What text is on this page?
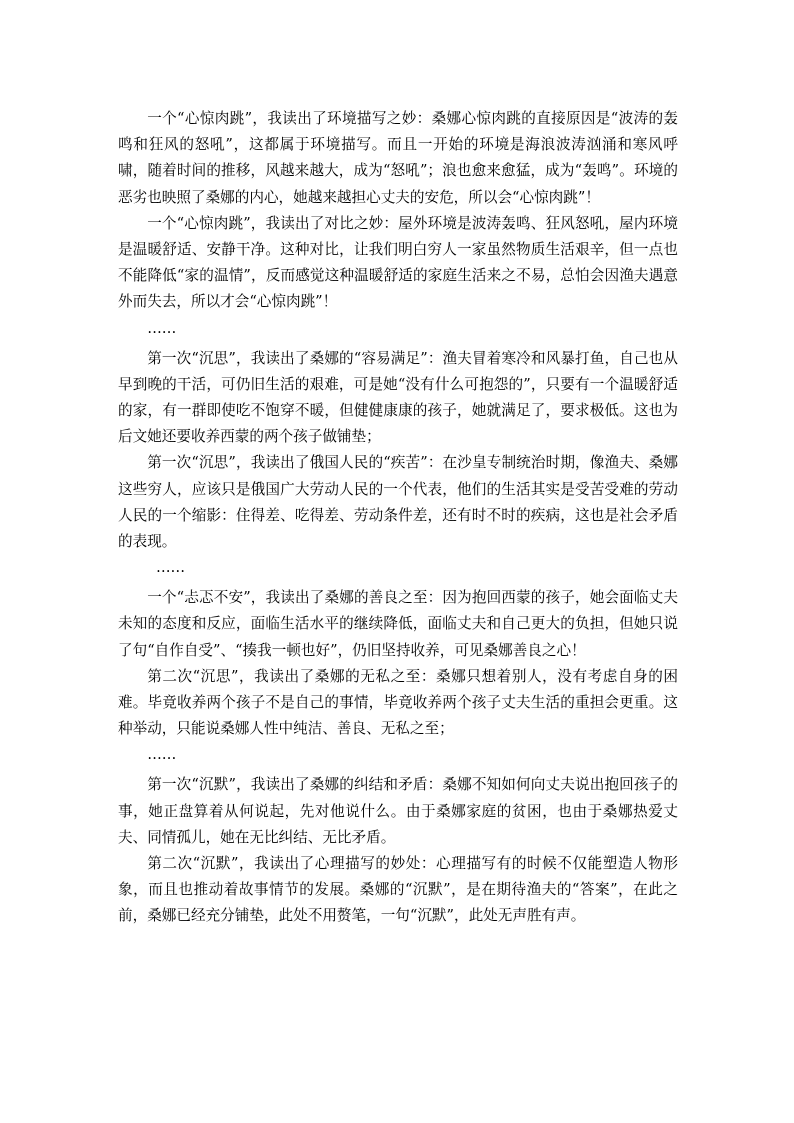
一个“心惊肉跳”，我读出了环境描写之妙：桑娜心惊肉跳的直接原因是“波涛的轰鸣和狂风的怒吼”，这都属于环境描写。而且一开始的环境是海浪波涛汹涌和寒风呼啸，随着时间的推移，风越来越大，成为“怒吼”；浪也愈来愈猛，成为“轰鸣”。环境的恶劣也映照了桑娜的内心，她越来越担心丈夫的安危，所以会“心惊肉跳”！

一个“心惊肉跳”，我读出了对比之妙：屋外环境是波涛轰鸣、狂风怒吼，屋内环境是温暖舒适、安静干净。这种对比，让我们明白穷人一家虽然物质生活艰辛，但一点也不能降低“家的温情”，反而感觉这种温暖舒适的家庭生活来之不易，总怕会因渔夫遇意外而失去，所以才会“心惊肉跳”！

……

第一次“沉思”，我读出了桑娜的“容易满足”：渔夫冒着寒冷和风暴打鱼，自己也从早到晚的干活，可仍旧生活的艰难，可是她“没有什么可抱怨的”，只要有一个温暖舒适的家，有一群即使吃不饱穿不暖，但健健康康的孩子，她就满足了，要求极低。这也为后文她还要收养西蒙的两个孩子做铺垫；

第一次“沉思”，我读出了俄国人民的“疾苦”：在沙皇专制统治时期，像渔夫、桑娜这些穷人，应该只是俄国广大劳动人民的一个代表，他们的生活其实是受苦受难的劳动人民的一个缩影：住得差、吃得差、劳动条件差，还有时不时的疾病，这也是社会矛盾的表现。

……

一个“忐忑不安”，我读出了桑娜的善良之至：因为抱回西蒙的孩子，她会面临丈夫未知的态度和反应，面临生活水平的继续降低，面临丈夫和自己更大的负担，但她只说了句“自作自受”、“揍我一顿也好”，仍旧坚持收养，可见桑娜善良之心！

第二次“沉思”，我读出了桑娜的无私之至：桑娜只想着别人，没有考虑自身的困难。毕竟收养两个孩子不是自己的事情，毕竟收养两个孩子丈夫生活的重担会更重。这种举动，只能说桑娜人性中纯洁、善良、无私之至；

……

第一次“沉默”，我读出了桑娜的纠结和矛盾：桑娜不知如何向丈夫说出抱回孩子的事，她正盘算着从何说起，先对他说什么。由于桑娜家庭的贫困，也由于桑娜热爱丈夫、同情孤儿，她在无比纠结、无比矛盾。

第二次“沉默”，我读出了心理描写的妙处：心理描写有的时候不仅能塑造人物形象，而且也推动着故事情节的发展。桑娜的“沉默”，是在期待渔夫的“答案”，在此之前，桑娜已经充分铺垫，此处不用赘笔，一句“沉默”，此处无声胜有声。
